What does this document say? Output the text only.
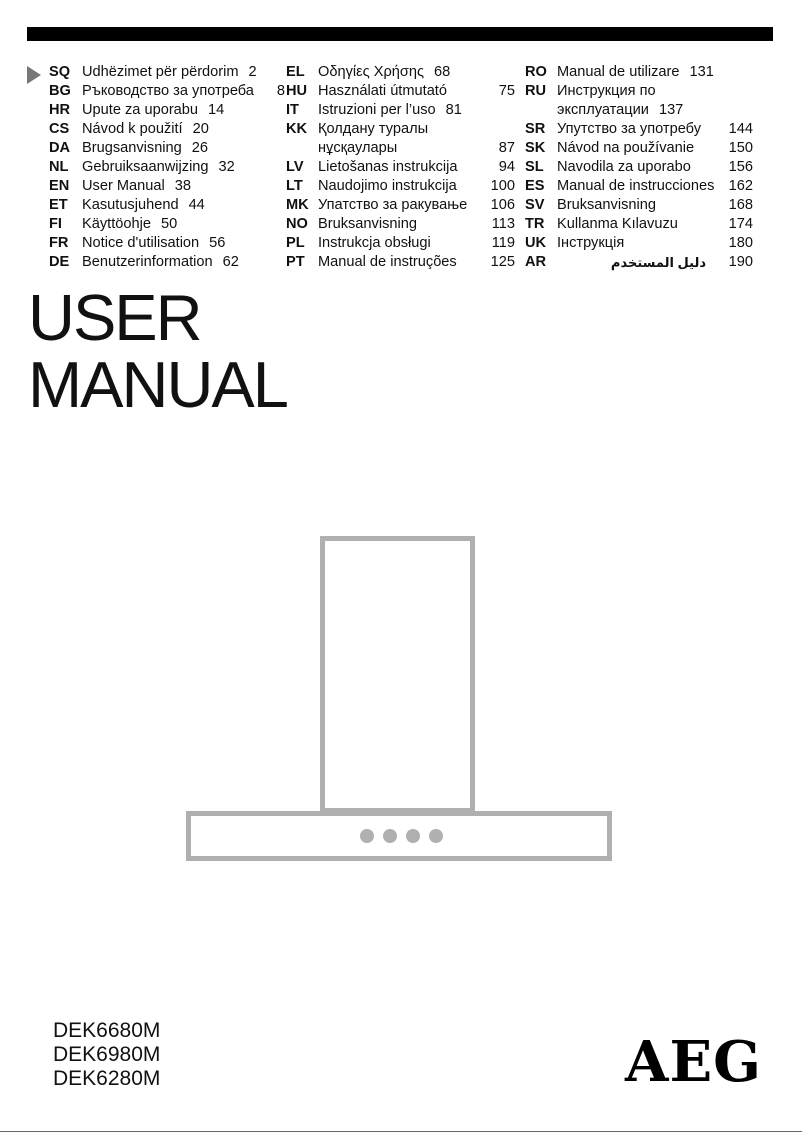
SQ Udhëzimet për përdorim 2
BG Ръководство за употреба 8
HR Upute za uporabu 14
CS Návod k použití 20
DA Brugsanvisning 26
NL Gebruiksaanwijzing 32
EN User Manual 38
ET Kasutusjuhend 44
FI Käyttöohje 50
FR Notice d'utilisation 56
DE Benutzerinformation 62
EL Οδηγίες Χρήσης 68
HU Használati útmutató	75
IT Istruzioni per l’uso 81
KK Қолдану туралы
нұсқаулары	87
LV Lietošanas instrukcija	94
LT Naudojimo instrukcija 100
MK Упатство за ракување 106
NO Bruksanvisning	113
PL Instrukcja obsługi	119
PT Manual de instruções 125
RO Manual de utilizare 131
RU Инструкция по
эксплуатации 137
SR Упутство за употребу 144
SK Návod na používanie 150
SL Navodila za uporabo	156
ES Manual de instrucciones 162
SV Bruksanvisning	168
TR Kullanma Kılavuzu	174
UK Інструкція	180
AR	دليل المستخدم 190
USER
MANUAL
DEK6680M
DEK6980M
DEK6280M	AEG
